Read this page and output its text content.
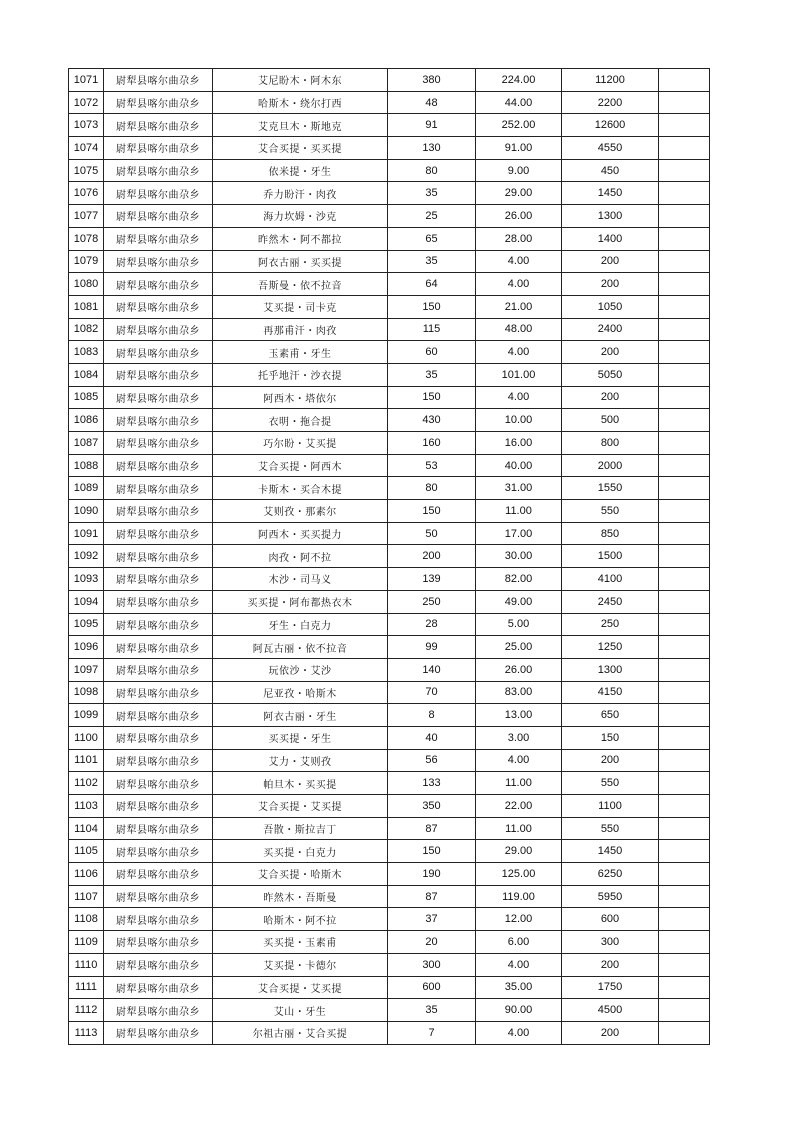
1071	尉犁县喀尔曲尕乡	艾尼盼木・阿木东	380	224.00	11200	
1072	尉犁县喀尔曲尕乡	哈斯木・绕尔打西	48	44.00	2200	
1073	尉犁县喀尔曲尕乡	艾克旦木・斯地克	91	252.00	12600	
1074	尉犁县喀尔曲尕乡	艾合买提・买买提	130	91.00	4550	
1075	尉犁县喀尔曲尕乡	依米提・牙生	80	9.00	450	
1076	尉犁县喀尔曲尕乡	乔力盼汗・肉孜	35	29.00	1450	
1077	尉犁县喀尔曲尕乡	海力坎姆・沙克	25	26.00	1300	
1078	尉犁县喀尔曲尕乡	昨然木・阿不都拉	65	28.00	1400	
1079	尉犁县喀尔曲尕乡	阿衣古丽・买买提	35	4.00	200	
1080	尉犁县喀尔曲尕乡	吾斯曼・依不拉音	64	4.00	200	
1081	尉犁县喀尔曲尕乡	艾买提・司卡克	150	21.00	1050	
1082	尉犁县喀尔曲尕乡	再那甫汗・肉孜	115	48.00	2400	
1083	尉犁县喀尔曲尕乡	玉素甫・牙生	60	4.00	200	
1084	尉犁县喀尔曲尕乡	托乎地汗・沙衣提	35	101.00	5050	
1085	尉犁县喀尔曲尕乡	阿西木・塔依尔	150	4.00	200	
1086	尉犁县喀尔曲尕乡	衣明・拖合提	430	10.00	500	
1087	尉犁县喀尔曲尕乡	巧尔盼・艾买提	160	16.00	800	
1088	尉犁县喀尔曲尕乡	艾合买提・阿西木	53	40.00	2000	
1089	尉犁县喀尔曲尕乡	卡斯木・买合木提	80	31.00	1550	
1090	尉犁县喀尔曲尕乡	艾则孜・那素尔	150	11.00	550	
1091	尉犁县喀尔曲尕乡	阿西木・买买提力	50	17.00	850	
1092	尉犁县喀尔曲尕乡	肉孜・阿不拉	200	30.00	1500	
1093	尉犁县喀尔曲尕乡	木沙・司马义	139	82.00	4100	
1094	尉犁县喀尔曲尕乡	买买提・阿布都热衣木	250	49.00	2450	
1095	尉犁县喀尔曲尕乡	牙生・白克力	28	5.00	250	
1096	尉犁县喀尔曲尕乡	阿瓦古丽・依不拉音	99	25.00	1250	
1097	尉犁县喀尔曲尕乡	玩依沙・艾沙	140	26.00	1300	
1098	尉犁县喀尔曲尕乡	尼亚孜・哈斯木	70	83.00	4150	
1099	尉犁县喀尔曲尕乡	阿衣古丽・牙生	8	13.00	650	
1100	尉犁县喀尔曲尕乡	买买提・牙生	40	3.00	150	
1101	尉犁县喀尔曲尕乡	艾力・艾则孜	56	4.00	200	
1102	尉犁县喀尔曲尕乡	帕旦木・买买提	133	11.00	550	
1103	尉犁县喀尔曲尕乡	艾合买提・艾买提	350	22.00	1100	
1104	尉犁县喀尔曲尕乡	吾散・斯拉吉丁	87	11.00	550	
1105	尉犁县喀尔曲尕乡	买买提・白克力	150	29.00	1450	
1106	尉犁县喀尔曲尕乡	艾合买提・哈斯木	190	125.00	6250	
1107	尉犁县喀尔曲尕乡	昨然木・吾斯曼	87	119.00	5950	
1108	尉犁县喀尔曲尕乡	哈斯木・阿不拉	37	12.00	600	
1109	尉犁县喀尔曲尕乡	买买提・玉素甫	20	6.00	300	
1110	尉犁县喀尔曲尕乡	艾买提・卡德尔	300	4.00	200	
1111	尉犁县喀尔曲尕乡	艾合买提・艾买提	600	35.00	1750	
1112	尉犁县喀尔曲尕乡	艾山・牙生	35	90.00	4500	
1113	尉犁县喀尔曲尕乡	尔祖古丽・艾合买提	7	4.00	200	
